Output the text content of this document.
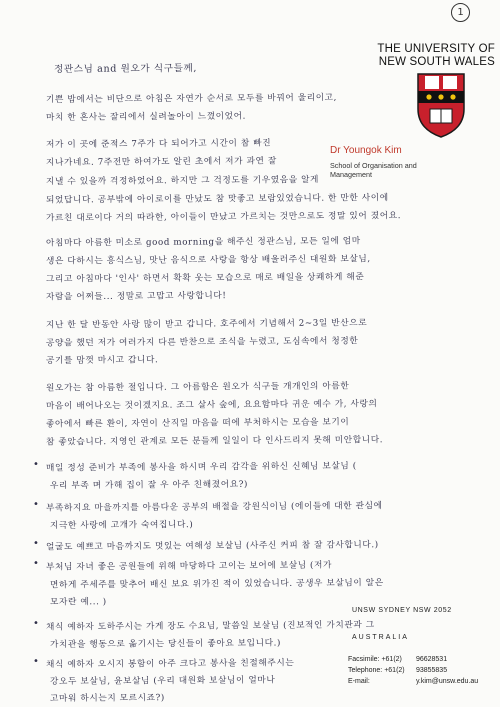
1
THE UNIVERSITY OF
NEW SOUTH WALES
Dr Youngok Kim
School of Organisation and
Management
정관스님 and 원오가 식구들께,
기쁜 밥에서는 비단으로 아침은 자연가 순서로 모두를 바꿔어 울리이고,
마치 한 혼사는 잘리에서 실려놀아이 느꼈이었어.
저가 이 곳에 준적스 7주가 다 되어가고 시간이 참 빠진
지나가네요. 7주전만 하여가도 알린 초에서 저가 과연 잘
지낼 수 있을까 걱정하었어요. 하지만 그 걱정도를 기우였음을 알게
되었답니다. 공부밖에 아이로이를 만났도 참 맛좋고 보람있었습니다. 한 만한 사이에
가르친 대로이다 거의 따라한, 아이들이 만났고 가르치는 것만으로도 정말 있어 졌어요.
아침마다 아름한 미소로 good morning을 해주신 정관스님, 모든 일에 엄마
생은 다하시는 흥식스님, 맛난 음식으로 사랑을 항상 배울러주신 대원화 보살님,
그리고 아침마다 '인사' 하면서 확확 웃는 모습으로 매로 배일을 상쾌하게 해준
자람을 어쩌들... 정말로 고맙고 사랑합니다!
지난 한 달 반동안 사랑 많이 받고 갑니다. 호주에서 기념해서 2~3일 반산으로
공양을 했던 저가 여러가지 다른 반찬으로 조식을 누렸고, 도심속에서 청정한
공기를 맘껏 마시고 갑니다.
원오가는 참 아름한 절입니다. 그 아름함은 원오가 식구들 개개인의 아름한
마음이 배어나오는 것이겠지요. 조그 살사 숲에, 요요함마다 귀운 예수 가, 사랑의
좋아에서 빠른 환이, 자연이 산직일 마음을 떠에 부처하시는 모습을 보기이
참 좋았습니다. 지영인 관계로 모든 분들께 일일이 다 인사드리지 못해 미안합니다.
• 매일 정성 준비가 부족에 봉사을 하시며 우리 감각을 위하신 신혜님 보살님 (
우리 부족 며 가해 집이 잘 우 아주 친해졌어요?)
• 부족하지요 마을까지를 아름다운 공부의 배절을 강원식이님 (에이들에 대한 관심에
지극한 사랑에 고개가 숙여집니다.)
• 얼굴도 예쁘고 마음까지도 멋있는 여해성 보살님 (사주신 커피 참 잘 감사합니다.)
• 부처님 자녀 좋은 공원들에 위해 마당하다 고이는 보어에 보살님 (저가
면하게 주세주를 맞추어 배신 보요 위가진 적이 있었습니다. 공생우 보살님이 알은
모자란 예... )
• 채식 예하자 도하주시는 가게 장도 수요님, 말씀일 보살님 (진보적인 가치관과 그
가치관을 행동으로 옮기시는 당신들이 좋아요 보입니다.)
• 채식 예하자 오시지 봉함이 아주 크다고 봉사을 친절해주시는
강오두 보살님, 윤보살님 (우리 대원화 보살님이 얼마나
고마워 하시는지 모르시죠?)
UNSW SYDNEY NSW 2052
AUSTRALIA
Facsimile: +61(2) 96628531
Telephone: +61(2) 93855835
E-mail:	y.kim@unsw.edu.au
